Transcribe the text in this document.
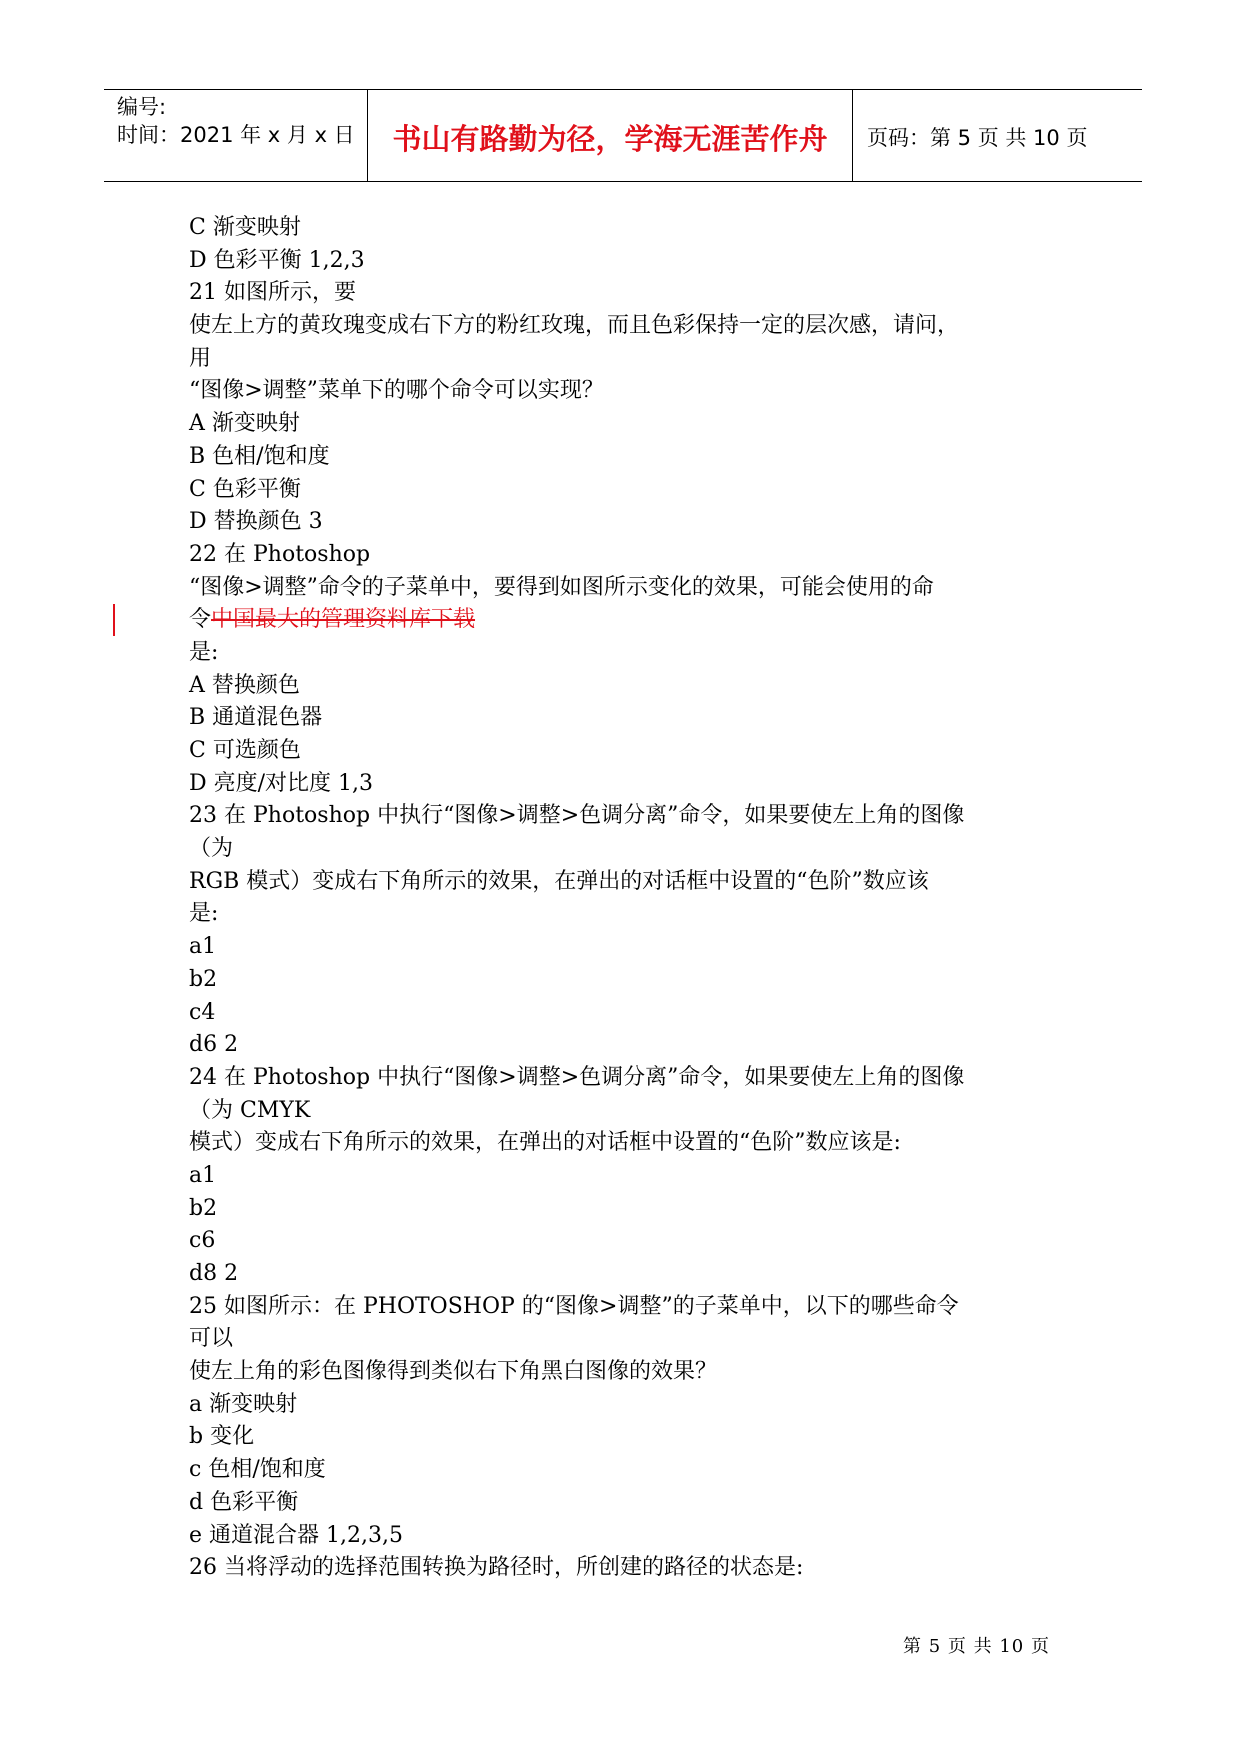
编号:
时间：2021 年 x 月 x 日	书山有路勤为径，学海无涯苦作舟	页码：第 5 页 共 10 页
C 渐变映射
D 色彩平衡 1,2,3
21 如图所示，要
使左上方的黄玫瑰变成右下方的粉红玫瑰，而且色彩保持一定的层次感，请问，
用
“图像>调整”菜单下的哪个命令可以实现？
A 渐变映射
B 色相/饱和度
C 色彩平衡
D 替换颜色 3
22 在 Photoshop
“图像>调整”命令的子菜单中，要得到如图所示变化的效果，可能会使用的命
令中国最大的管理资料库下载
是:
A 替换颜色
B 通道混色器
C 可选颜色
D 亮度/对比度 1,3
23 在 Photoshop 中执行“图像>调整>色调分离”命令，如果要使左上角的图像
（为
RGB 模式）变成右下角所示的效果，在弹出的对话框中设置的“色阶”数应该
是:
a1
b2
c4
d6 2
24 在 Photoshop 中执行“图像>调整>色调分离”命令，如果要使左上角的图像
（为 CMYK
模式）变成右下角所示的效果，在弹出的对话框中设置的“色阶”数应该是:
a1
b2
c6
d8 2
25 如图所示：在 PHOTOSHOP 的“图像>调整”的子菜单中，以下的哪些命令
可以
使左上角的彩色图像得到类似右下角黑白图像的效果？
a 渐变映射
b 变化
c 色相/饱和度
d 色彩平衡
e 通道混合器 1,2,3,5
26 当将浮动的选择范围转换为路径时，所创建的路径的状态是:
第 5 页 共 10 页
